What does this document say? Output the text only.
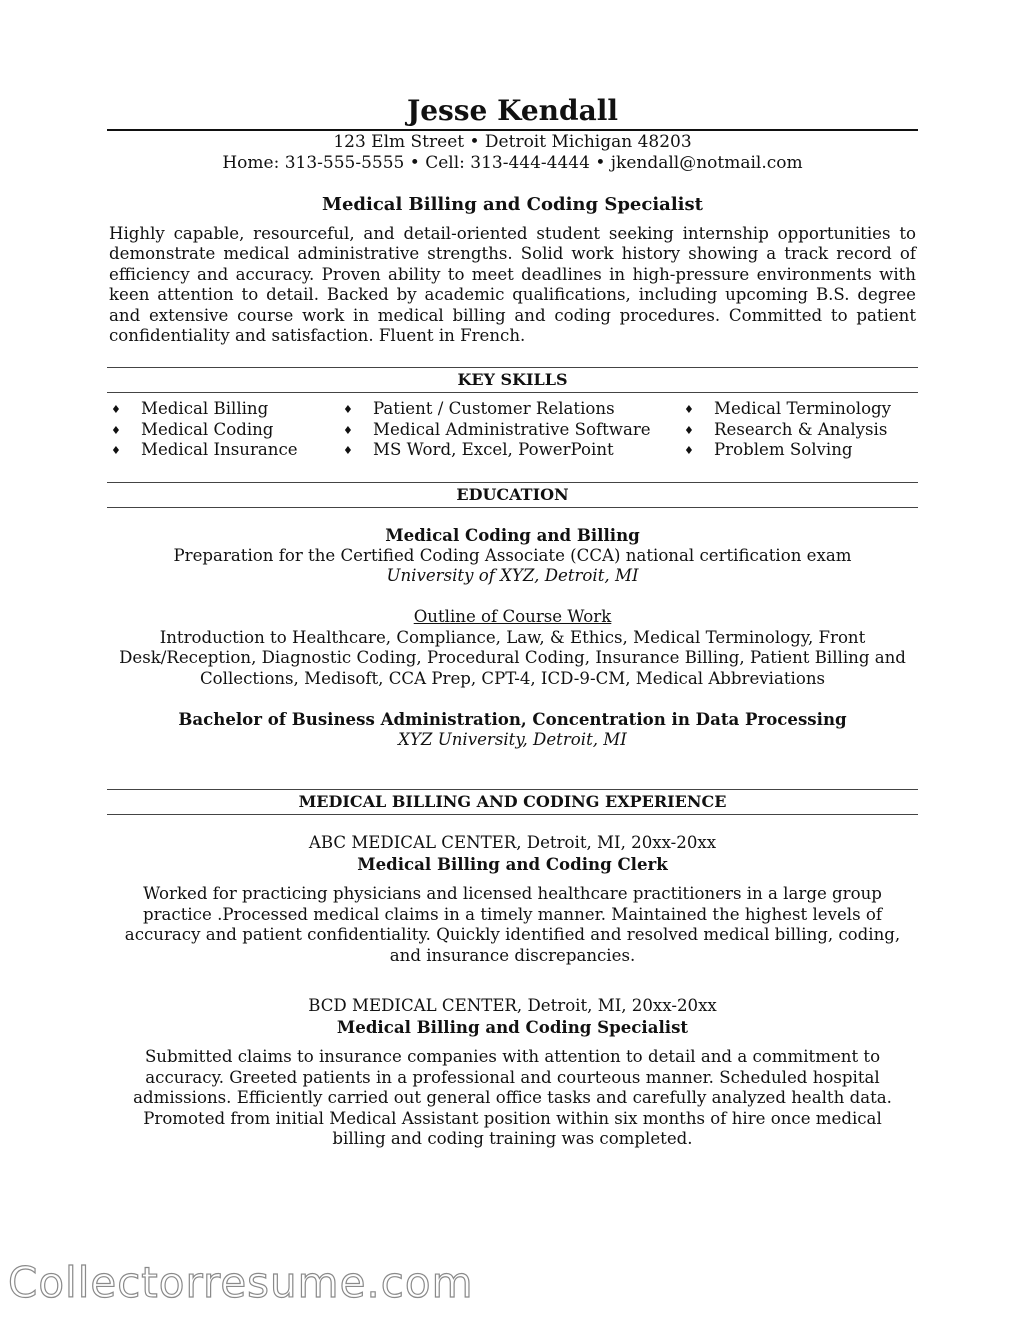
Jesse Kendall
123 Elm Street • Detroit Michigan 48203
Home: 313-555-5555 • Cell: 313-444-4444 • jkendall@notmail.com
Medical Billing and Coding Specialist
Highly capable, resourceful, and detail-oriented student seeking internship opportunities to demonstrate medical administrative strengths. Solid work history showing a track record of efficiency and accuracy. Proven ability to meet deadlines in high-pressure environments with keen attention to detail. Backed by academic qualifications, including upcoming B.S. degree and extensive course work in medical billing and coding procedures. Committed to patient confidentiality and satisfaction. Fluent in French.
KEY SKILLS
♦ Medical Billing
♦ Medical Coding
♦ Medical Insurance
♦ Patient / Customer Relations
♦ Medical Administrative Software
♦ MS Word, Excel, PowerPoint
♦ Medical Terminology
♦ Research & Analysis
♦ Problem Solving
EDUCATION
Medical Coding and Billing
Preparation for the Certified Coding Associate (CCA) national certification exam
University of XYZ, Detroit, MI
Outline of Course Work
Introduction to Healthcare, Compliance, Law, & Ethics, Medical Terminology, Front
Desk/Reception, Diagnostic Coding, Procedural Coding, Insurance Billing, Patient Billing and
Collections, Medisoft, CCA Prep, CPT-4, ICD-9-CM, Medical Abbreviations
Bachelor of Business Administration, Concentration in Data Processing
XYZ University, Detroit, MI
MEDICAL BILLING AND CODING EXPERIENCE
ABC MEDICAL CENTER, Detroit, MI, 20xx-20xx
Medical Billing and Coding Clerk
Worked for practicing physicians and licensed healthcare practitioners in a large group
practice .Processed medical claims in a timely manner. Maintained the highest levels of
accuracy and patient confidentiality. Quickly identified and resolved medical billing, coding,
and insurance discrepancies.
BCD MEDICAL CENTER, Detroit, MI, 20xx-20xx
Medical Billing and Coding Specialist
Submitted claims to insurance companies with attention to detail and a commitment to
accuracy. Greeted patients in a professional and courteous manner. Scheduled hospital
admissions. Efficiently carried out general office tasks and carefully analyzed health data.
Promoted from initial Medical Assistant position within six months of hire once medical
billing and coding training was completed.
Collectorresume.com
